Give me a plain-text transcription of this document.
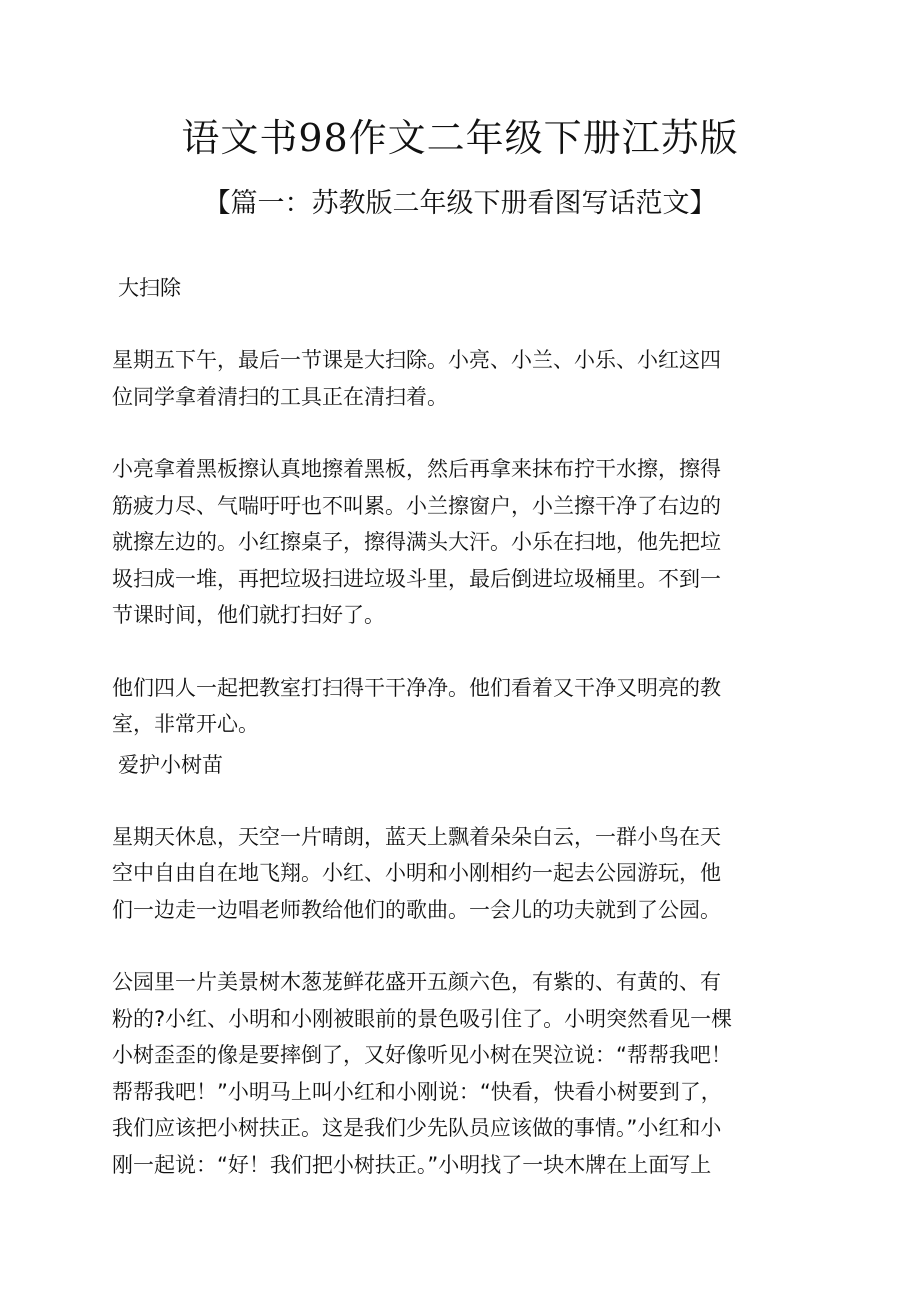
语文书98作文二年级下册江苏版
【篇一：苏教版二年级下册看图写话范文】
大扫除

星期五下午，最后一节课是大扫除。小亮、小兰、小乐、小红这四
位同学拿着清扫的工具正在清扫着。

小亮拿着黑板擦认真地擦着黑板，然后再拿来抹布拧干水擦，擦得
筋疲力尽、气喘吁吁也不叫累。小兰擦窗户，小兰擦干净了右边的
就擦左边的。小红擦桌子，擦得满头大汗。小乐在扫地，他先把垃
圾扫成一堆，再把垃圾扫进垃圾斗里，最后倒进垃圾桶里。不到一
节课时间，他们就打扫好了。

他们四人一起把教室打扫得干干净净。他们看着又干净又明亮的教
室，非常开心。

爱护小树苗

星期天休息，天空一片晴朗，蓝天上飘着朵朵白云，一群小鸟在天
空中自由自在地飞翔。小红、小明和小刚相约一起去公园游玩，他
们一边走一边唱老师教给他们的歌曲。一会儿的功夫就到了公园。

公园里一片美景树木葱茏鲜花盛开五颜六色，有紫的、有黄的、有
粉的?小红、小明和小刚被眼前的景色吸引住了。小明突然看见一棵
小树歪歪的像是要摔倒了，又好像听见小树在哭泣说：“帮帮我吧！
帮帮我吧！”小明马上叫小红和小刚说：“快看，快看小树要到了，
我们应该把小树扶正。这是我们少先队员应该做的事情。”小红和小
刚一起说：“好！我们把小树扶正。”小明找了一块木牌在上面写上
